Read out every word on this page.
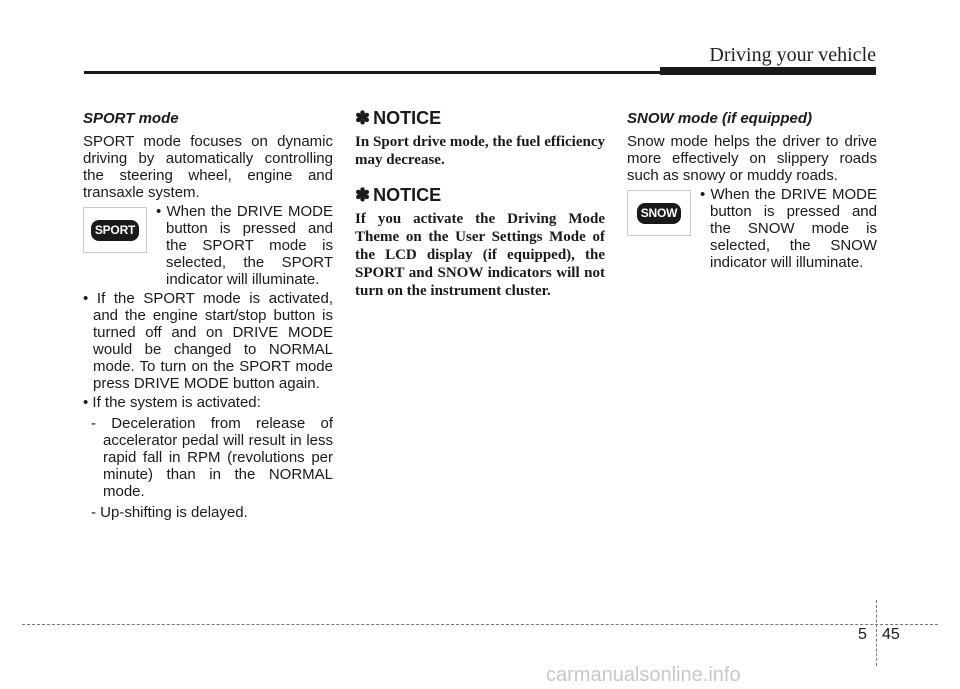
Driving your vehicle
SPORT mode

SPORT mode focuses on dynamic driving by automatically controlling the steering wheel, engine and transaxle system.

SPORT
• When the DRIVE MODE button is pressed and the SPORT mode is selected, the SPORT indicator will illuminate.

• If the SPORT mode is activated, and the engine start/stop button is turned off and on DRIVE MODE would be changed to NORMAL mode. To turn on the SPORT mode press DRIVE MODE button again.

• If the system is activated:

- Deceleration from release of accelerator pedal will result in less rapid fall in RPM (revolutions per minute) than in the NORMAL mode.

- Up-shifting is delayed.

✽ NOTICE

In Sport drive mode, the fuel efficiency may decrease.

✽ NOTICE

If you activate the Driving Mode Theme on the User Settings Mode of the LCD display (if equipped), the SPORT and SNOW indicators will not turn on the instrument cluster.

SNOW mode (if equipped)

Snow mode helps the driver to drive more effectively on slippery roads such as snowy or muddy roads.

SNOW
• When the DRIVE MODE button is pressed and the SNOW mode is selected, the SNOW indicator will illuminate.
5 45
carmanualsonline.info
